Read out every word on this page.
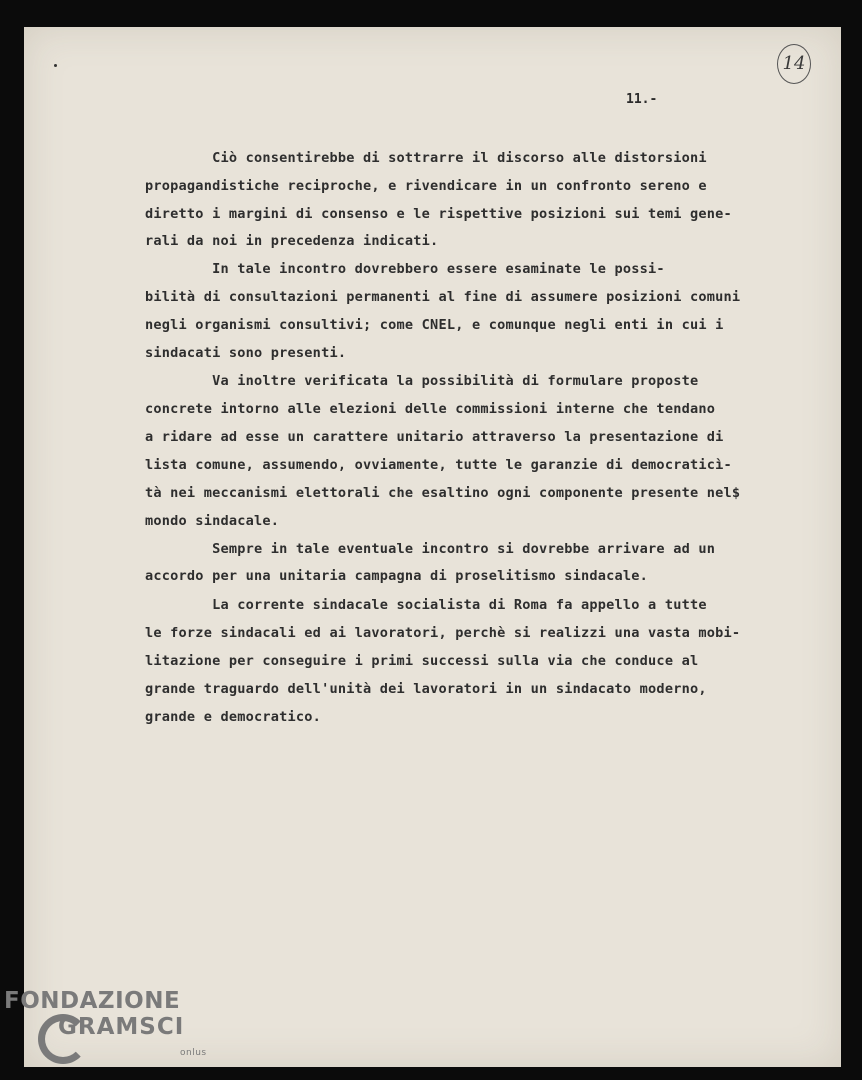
14
11.-
Ciò consentirebbe di sottrarre il discorso alle distorsioni
propagandistiche reciproche, e rivendicare in un confronto sereno e
diretto i margini di consenso e le rispettive posizioni sui temi gene-
rali da noi in precedenza indicati.
In tale incontro dovrebbero essere esaminate le possi-
bilità di consultazioni permanenti al fine di assumere posizioni comuni
negli organismi consultivi; come CNEL, e comunque negli enti in cui i
sindacati sono presenti.
Va inoltre verificata la possibilità di formulare proposte
concrete intorno alle elezioni delle commissioni interne che tendano
a ridare ad esse un carattere unitario attraverso la presentazione di
lista comune, assumendo, ovviamente, tutte le garanzie di democraticì-
tà nei meccanismi elettorali che esaltino ogni componente presente nel$
mondo sindacale.
Sempre in tale eventuale incontro si dovrebbe arrivare ad un
accordo per una unitaria campagna di proselitismo sindacale.
La corrente sindacale socialista di Roma fa appello a tutte
le forze sindacali ed ai lavoratori, perchè si realizzi una vasta mobi-
litazione per conseguire i primi successi sulla via che conduce al
grande traguardo dell'unità dei lavoratori in un sindacato moderno,
grande e democratico.
FONDAZIONE
GRAMSCI
onlus
